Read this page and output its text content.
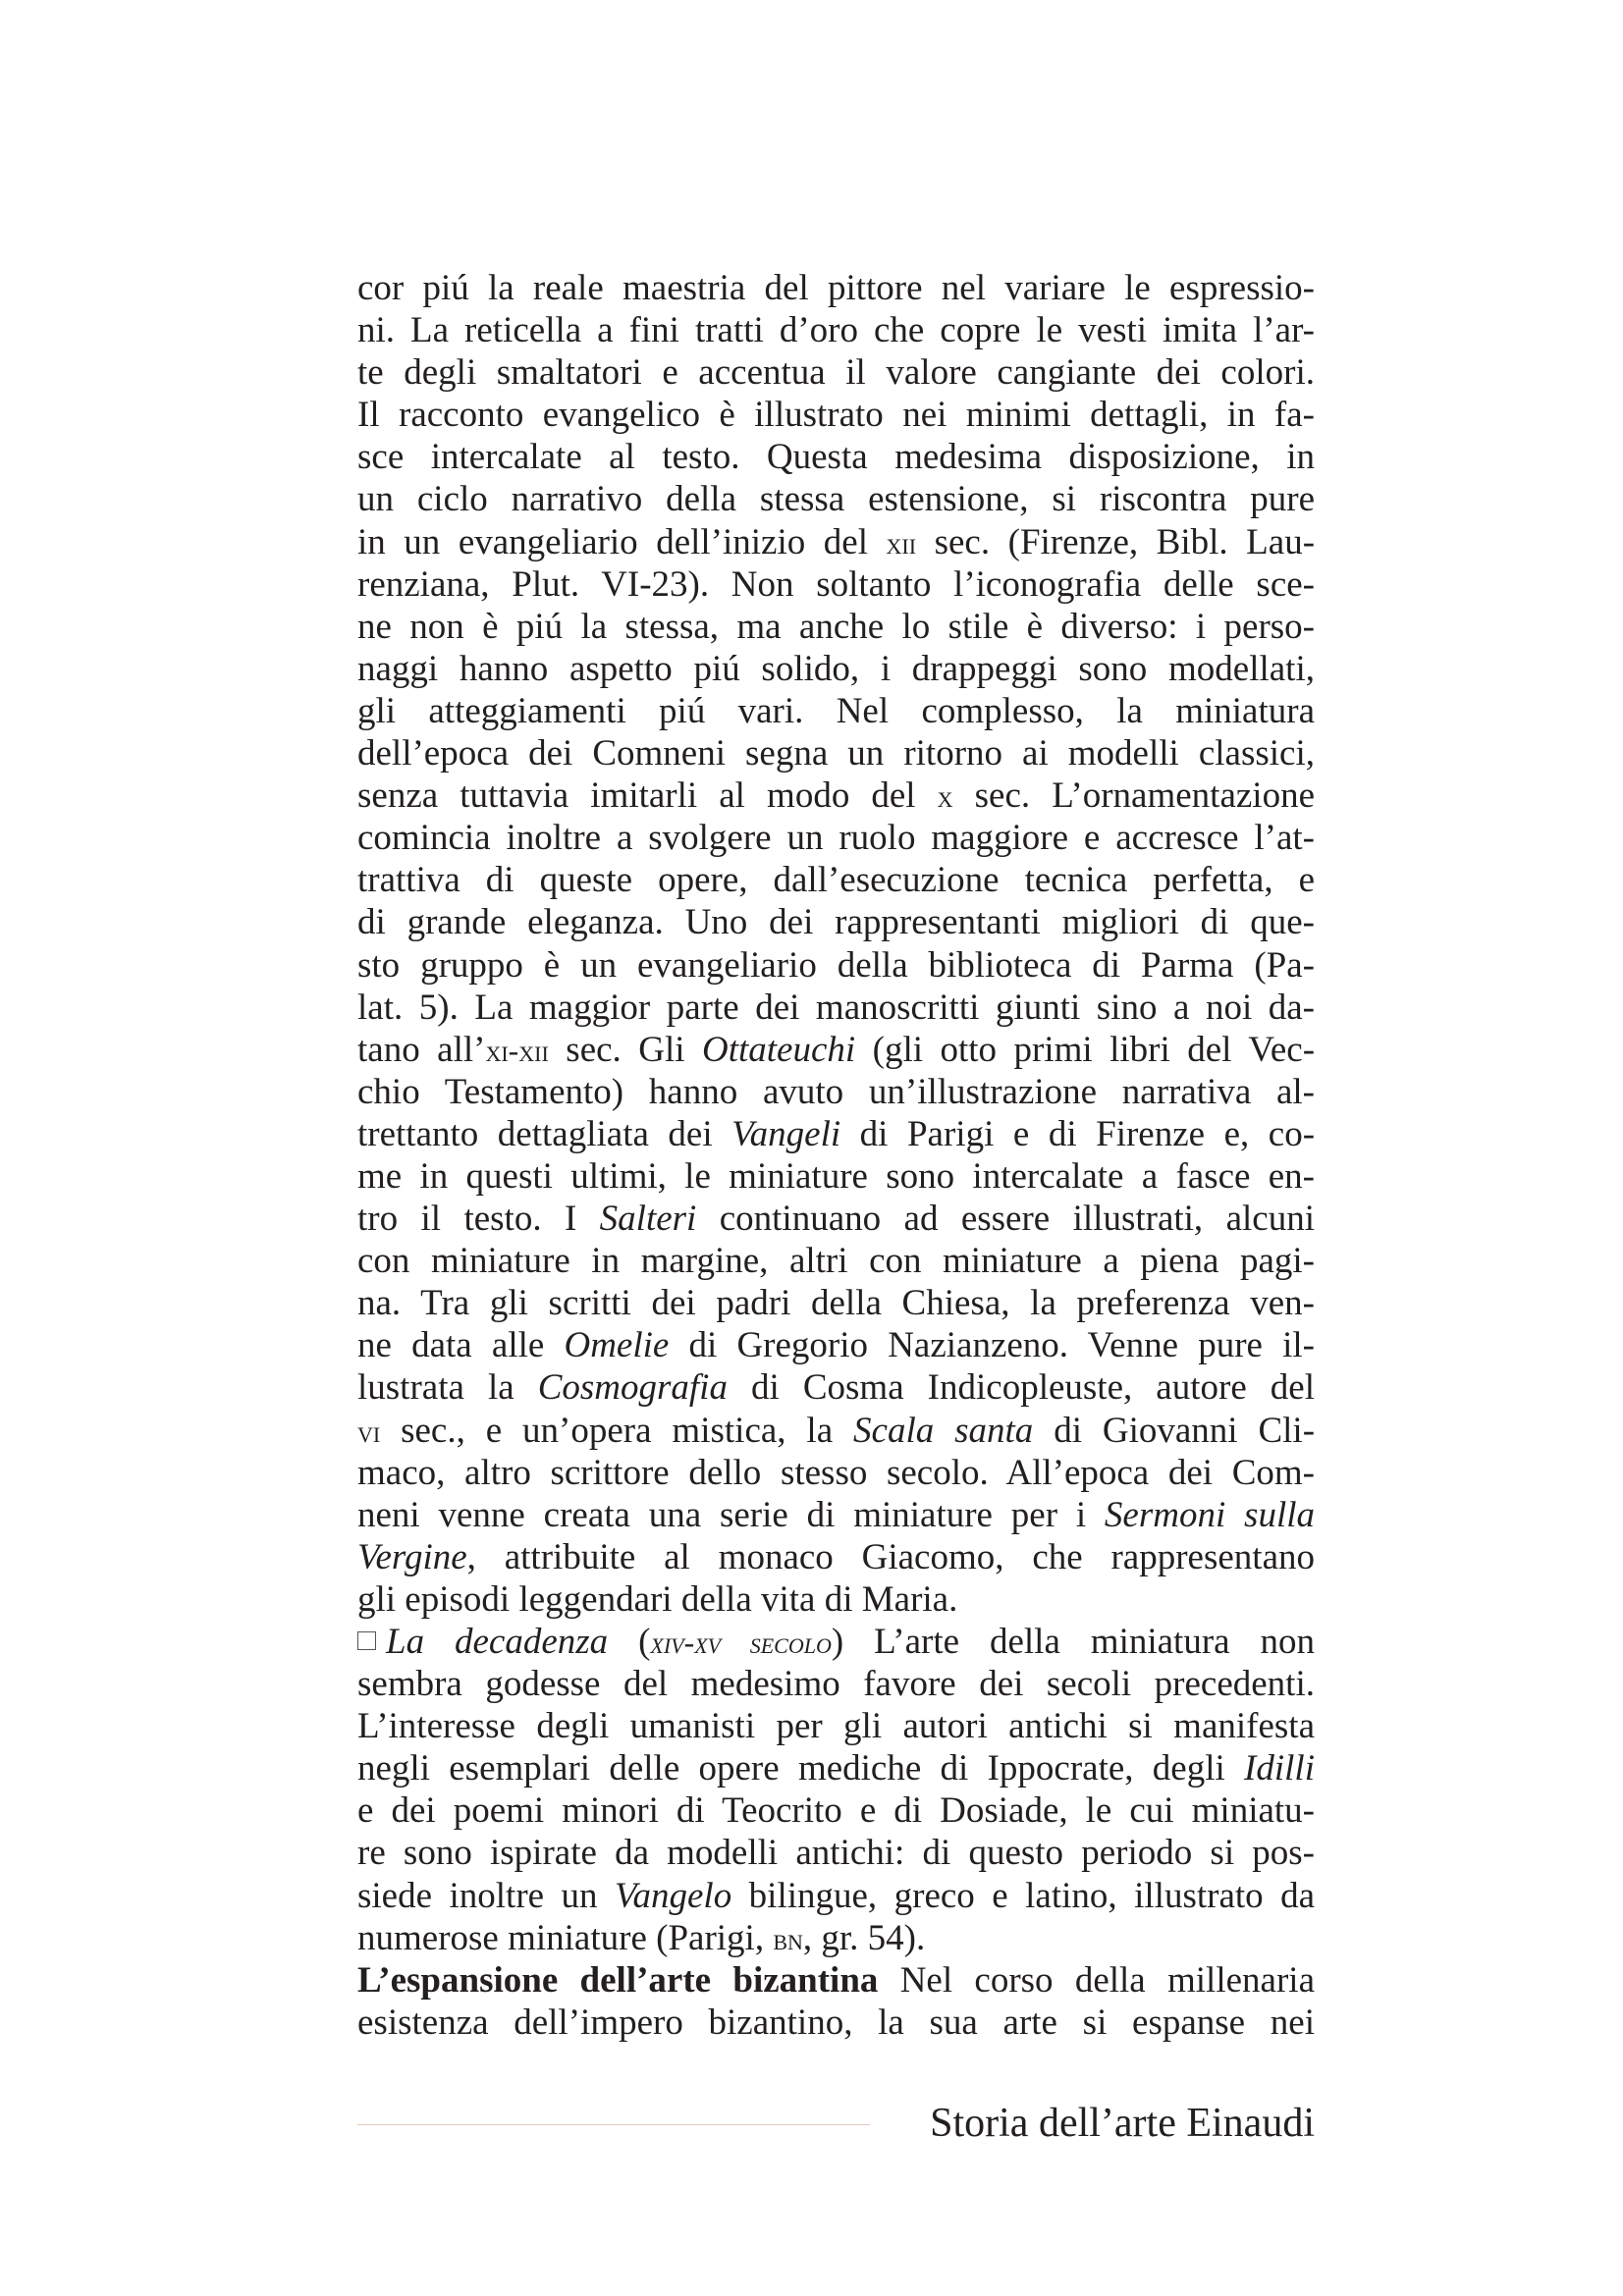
cor piú la reale maestria del pittore nel variare le espressio-
ni. La reticella a fini tratti d’oro che copre le vesti imita l’ar-
te degli smaltatori e accentua il valore cangiante dei colori.
Il racconto evangelico è illustrato nei minimi dettagli, in fa-
sce intercalate al testo. Questa medesima disposizione, in
un ciclo narrativo della stessa estensione, si riscontra pure
in un evangeliario dell’inizio del xii sec. (Firenze, Bibl. Lau-
renziana, Plut. VI-23). Non soltanto l’iconografia delle sce-
ne non è piú la stessa, ma anche lo stile è diverso: i perso-
naggi hanno aspetto piú solido, i drappeggi sono modellati,
gli atteggiamenti piú vari. Nel complesso, la miniatura
dell’epoca dei Comneni segna un ritorno ai modelli classici,
senza tuttavia imitarli al modo del x sec. L’ornamentazione
comincia inoltre a svolgere un ruolo maggiore e accresce l’at-
trattiva di queste opere, dall’esecuzione tecnica perfetta, e
di grande eleganza. Uno dei rappresentanti migliori di que-
sto gruppo è un evangeliario della biblioteca di Parma (Pa-
lat. 5). La maggior parte dei manoscritti giunti sino a noi da-
tano all’xi-xii sec. Gli Ottateuchi (gli otto primi libri del Vec-
chio Testamento) hanno avuto un’illustrazione narrativa al-
trettanto dettagliata dei Vangeli di Parigi e di Firenze e, co-
me in questi ultimi, le miniature sono intercalate a fasce en-
tro il testo. I Salteri continuano ad essere illustrati, alcuni
con miniature in margine, altri con miniature a piena pagi-
na. Tra gli scritti dei padri della Chiesa, la preferenza ven-
ne data alle Omelie di Gregorio Nazianzeno. Venne pure il-
lustrata la Cosmografia di Cosma Indicopleuste, autore del
vi sec., e un’opera mistica, la Scala santa di Giovanni Cli-
maco, altro scrittore dello stesso secolo. All’epoca dei Com-
neni venne creata una serie di miniature per i Sermoni sulla
Vergine, attribuite al monaco Giacomo, che rappresentano
gli episodi leggendari della vita di Maria.
La decadenza (xiv-xv secolo) L’arte della miniatura non
sembra godesse del medesimo favore dei secoli precedenti.
L’interesse degli umanisti per gli autori antichi si manifesta
negli esemplari delle opere mediche di Ippocrate, degli Idilli
e dei poemi minori di Teocrito e di Dosiade, le cui miniatu-
re sono ispirate da modelli antichi: di questo periodo si pos-
siede inoltre un Vangelo bilingue, greco e latino, illustrato da
numerose miniature (Parigi, bn, gr. 54).
L’espansione dell’arte bizantina Nel corso della millenaria
esistenza dell’impero bizantino, la sua arte si espanse nei
Storia dell’arte Einaudi
